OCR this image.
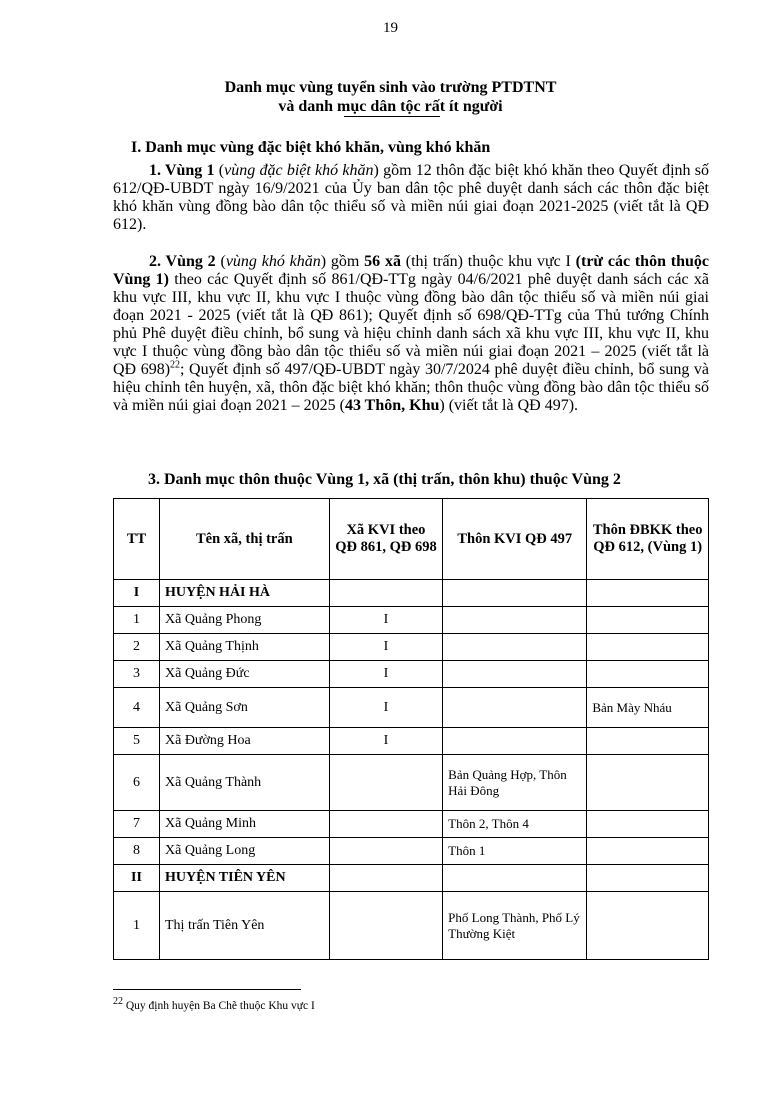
19
Danh mục vùng tuyển sinh vào trường PTDTNT
và danh mục dân tộc rất ít người
I. Danh mục vùng đặc biệt khó khăn, vùng khó khăn
1. Vùng 1 (vùng đặc biệt khó khăn) gồm 12 thôn đặc biệt khó khăn theo Quyết định số 612/QĐ-UBDT ngày 16/9/2021 của Ủy ban dân tộc phê duyệt danh sách các thôn đặc biệt khó khăn vùng đồng bào dân tộc thiểu số và miền núi giai đoạn 2021-2025 (viết tắt là QĐ 612).
2. Vùng 2 (vùng khó khăn) gồm 56 xã (thị trấn) thuộc khu vực I (trừ các thôn thuộc Vùng 1) theo các Quyết định số 861/QĐ-TTg ngày 04/6/2021 phê duyệt danh sách các xã khu vực III, khu vực II, khu vực I thuộc vùng đồng bào dân tộc thiểu số và miền núi giai đoạn 2021 - 2025 (viết tắt là QĐ 861); Quyết định số 698/QĐ-TTg của Thủ tướng Chính phủ Phê duyệt điều chỉnh, bổ sung và hiệu chỉnh danh sách xã khu vực III, khu vực II, khu vực I thuộc vùng đồng bào dân tộc thiểu số và miền núi giai đoạn 2021 – 2025 (viết tắt là QĐ 698)$^{22}$; Quyết định số 497/QĐ-UBDT ngày 30/7/2024 phê duyệt điều chỉnh, bổ sung và hiệu chỉnh tên huyện, xã, thôn đặc biệt khó khăn; thôn thuộc vùng đồng bào dân tộc thiểu số và miền núi giai đoạn 2021 – 2025 (43 Thôn, Khu) (viết tắt là QĐ 497).
3. Danh mục thôn thuộc Vùng 1, xã (thị trấn, thôn khu) thuộc Vùng 2
TT	Tên xã, thị trấn	Xã KVI theo QĐ 861, QĐ 698	Thôn KVI QĐ 497	Thôn ĐBKK theo QĐ 612, (Vùng 1)
I	HUYỆN HẢI HÀ			
1	Xã Quảng Phong	I		
2	Xã Quảng Thịnh	I		
3	Xã Quảng Đức	I		
4	Xã Quảng Sơn	I		Bản Mày Nháu
5	Xã Đường Hoa	I		
6	Xã Quảng Thành		Bản Quảng Hợp, Thôn Hải Đông	
7	Xã Quảng Minh		Thôn 2, Thôn 4	
8	Xã Quảng Long		Thôn 1	
II	HUYỆN TIÊN YÊN			
1	Thị trấn Tiên Yên		Phố Long Thành, Phố Lý Thường Kiệt	
$^{22}$ Quy định huyện Ba Chẽ thuộc Khu vực I
